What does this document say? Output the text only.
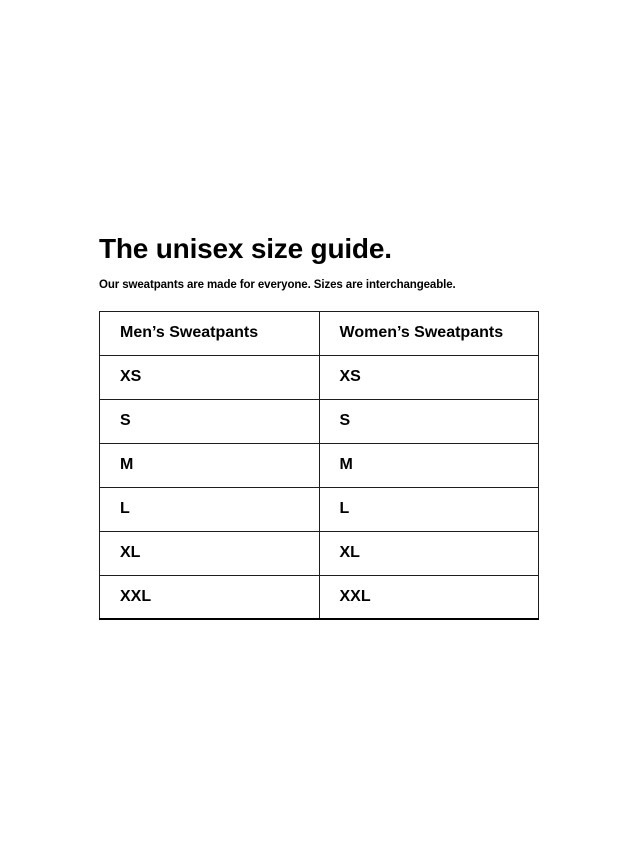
The unisex size guide.

Our sweatpants are made for everyone. Sizes are interchangeable.

Men’s Sweatpants	Women’s Sweatpants
XS	XS
S	S
M	M
L	L
XL	XL
XXL	XXL
